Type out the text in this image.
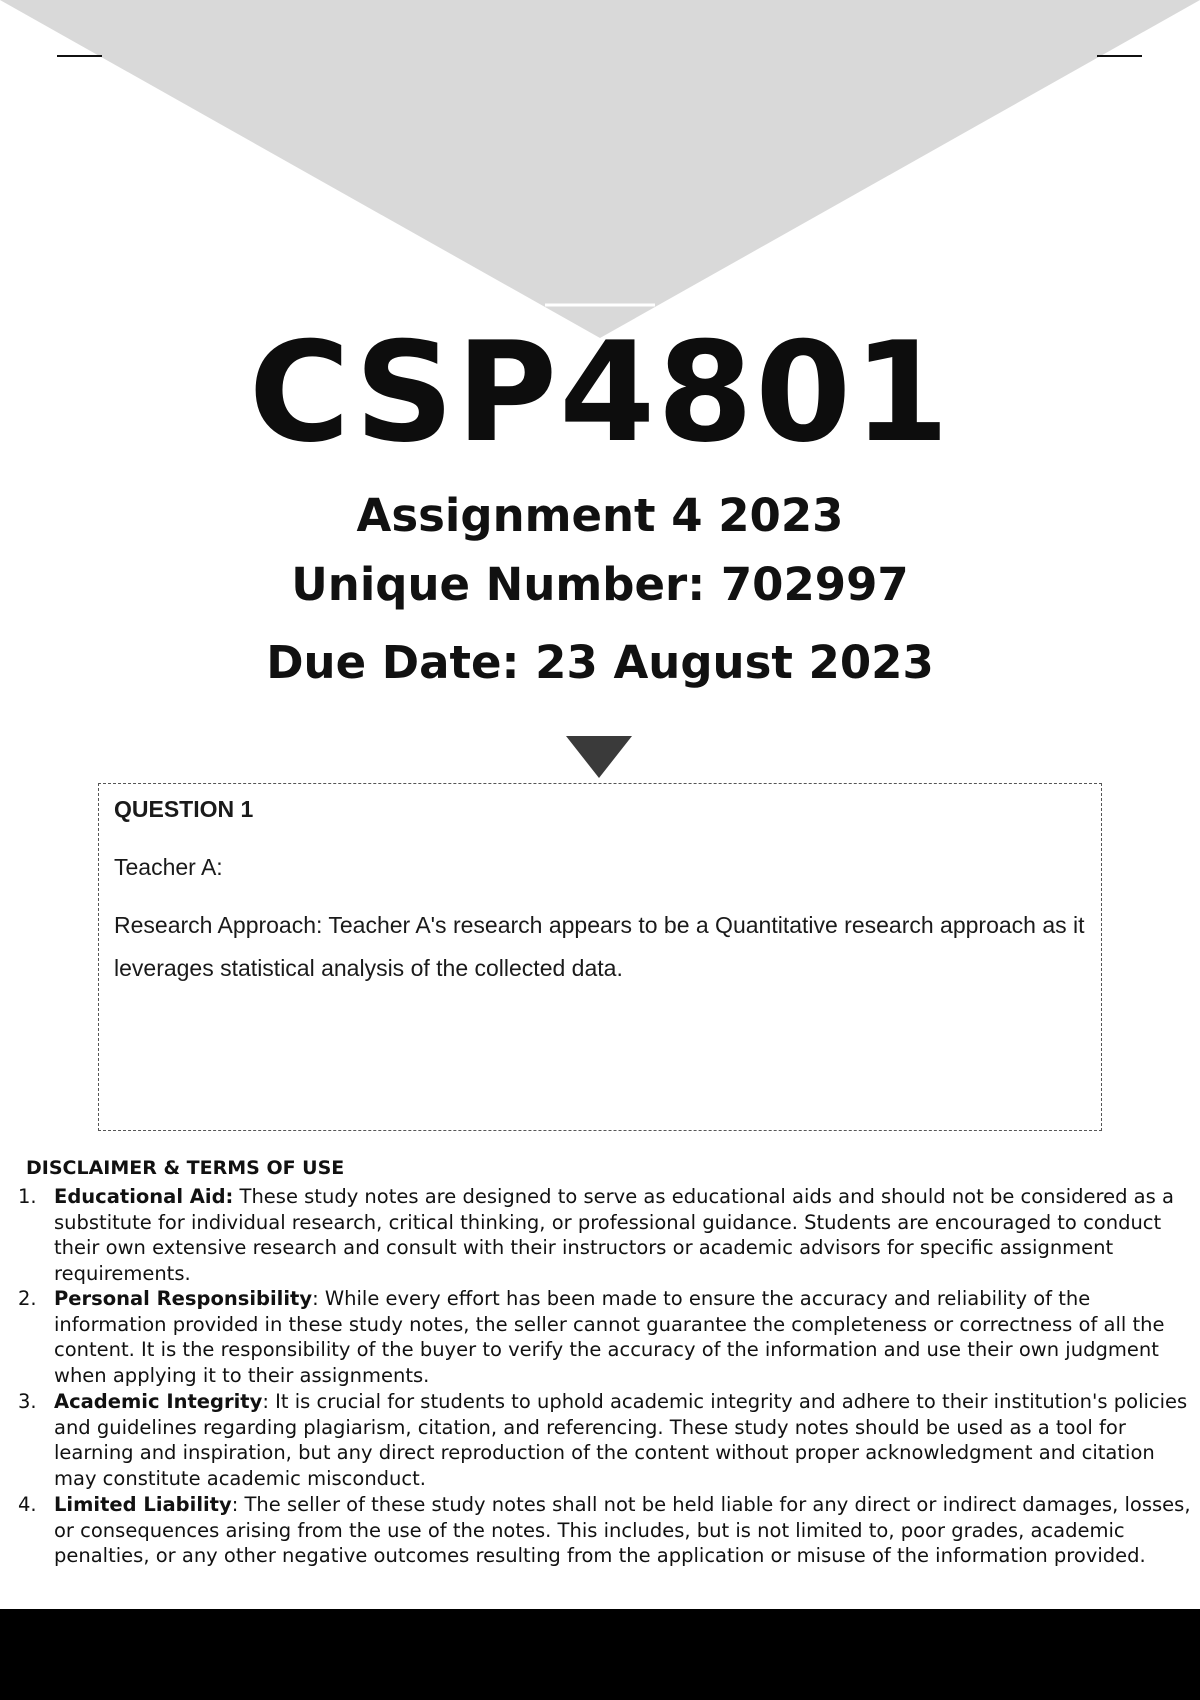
CSP4801
Assignment 4 2023
Unique Number: 702997
Due Date: 23 August 2023
QUESTION 1
Teacher A:
Research Approach: Teacher A's research appears to be a Quantitative research approach as it leverages statistical analysis of the collected data.
DISCLAIMER & TERMS OF USE
1. Educational Aid: These study notes are designed to serve as educational aids and should not be considered as a substitute for individual research, critical thinking, or professional guidance. Students are encouraged to conduct their own extensive research and consult with their instructors or academic advisors for specific assignment requirements.
2. Personal Responsibility: While every effort has been made to ensure the accuracy and reliability of the information provided in these study notes, the seller cannot guarantee the completeness or correctness of all the content. It is the responsibility of the buyer to verify the accuracy of the information and use their own judgment when applying it to their assignments.
3. Academic Integrity: It is crucial for students to uphold academic integrity and adhere to their institution's policies and guidelines regarding plagiarism, citation, and referencing. These study notes should be used as a tool for learning and inspiration, but any direct reproduction of the content without proper acknowledgment and citation may constitute academic misconduct.
4. Limited Liability: The seller of these study notes shall not be held liable for any direct or indirect damages, losses, or consequences arising from the use of the notes. This includes, but is not limited to, poor grades, academic penalties, or any other negative outcomes resulting from the application or misuse of the information provided.
